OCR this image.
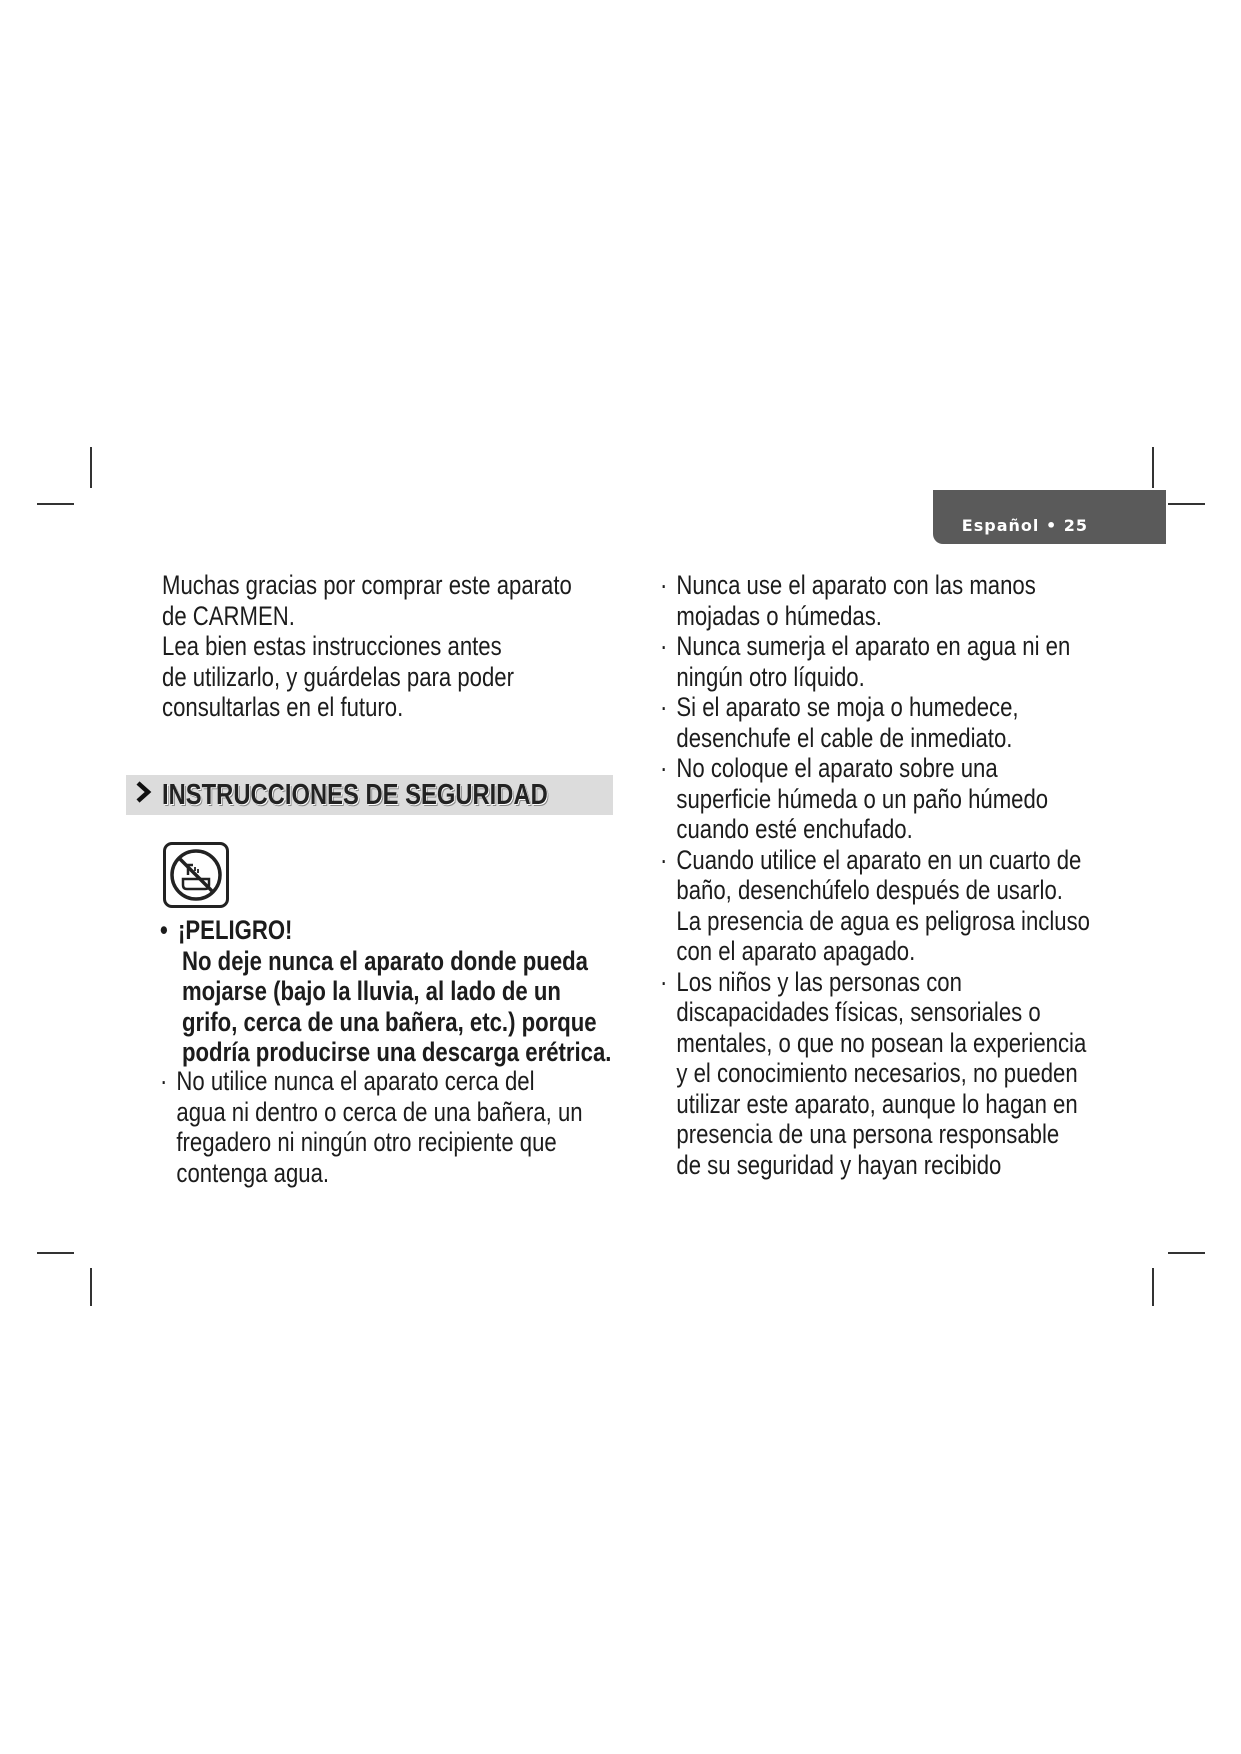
Español • 25
Muchas gracias por comprar este aparato
de CARMEN.
Lea bien estas instrucciones antes
de utilizarlo, y guárdelas para poder
consultarlas en el futuro.
INSTRUCCIONES DE SEGURIDAD
• ¡PELIGRO!
No deje nunca el aparato donde pueda
mojarse (bajo la lluvia, al lado de un
grifo, cerca de una bañera, etc.) porque
podría producirse una descarga erétrica.
· No utilice nunca el aparato cerca del
agua ni dentro o cerca de una bañera, un
fregadero ni ningún otro recipiente que
contenga agua.
· Nunca use el aparato con las manos
mojadas o húmedas.
· Nunca sumerja el aparato en agua ni en
ningún otro líquido.
· Si el aparato se moja o humedece,
desenchufe el cable de inmediato.
· No coloque el aparato sobre una
superficie húmeda o un paño húmedo
cuando esté enchufado.
· Cuando utilice el aparato en un cuarto de
baño, desenchúfelo después de usarlo.
La presencia de agua es peligrosa incluso
con el aparato apagado.
· Los niños y las personas con
discapacidades físicas, sensoriales o
mentales, o que no posean la experiencia
y el conocimiento necesarios, no pueden
utilizar este aparato, aunque lo hagan en
presencia de una persona responsable
de su seguridad y hayan recibido
